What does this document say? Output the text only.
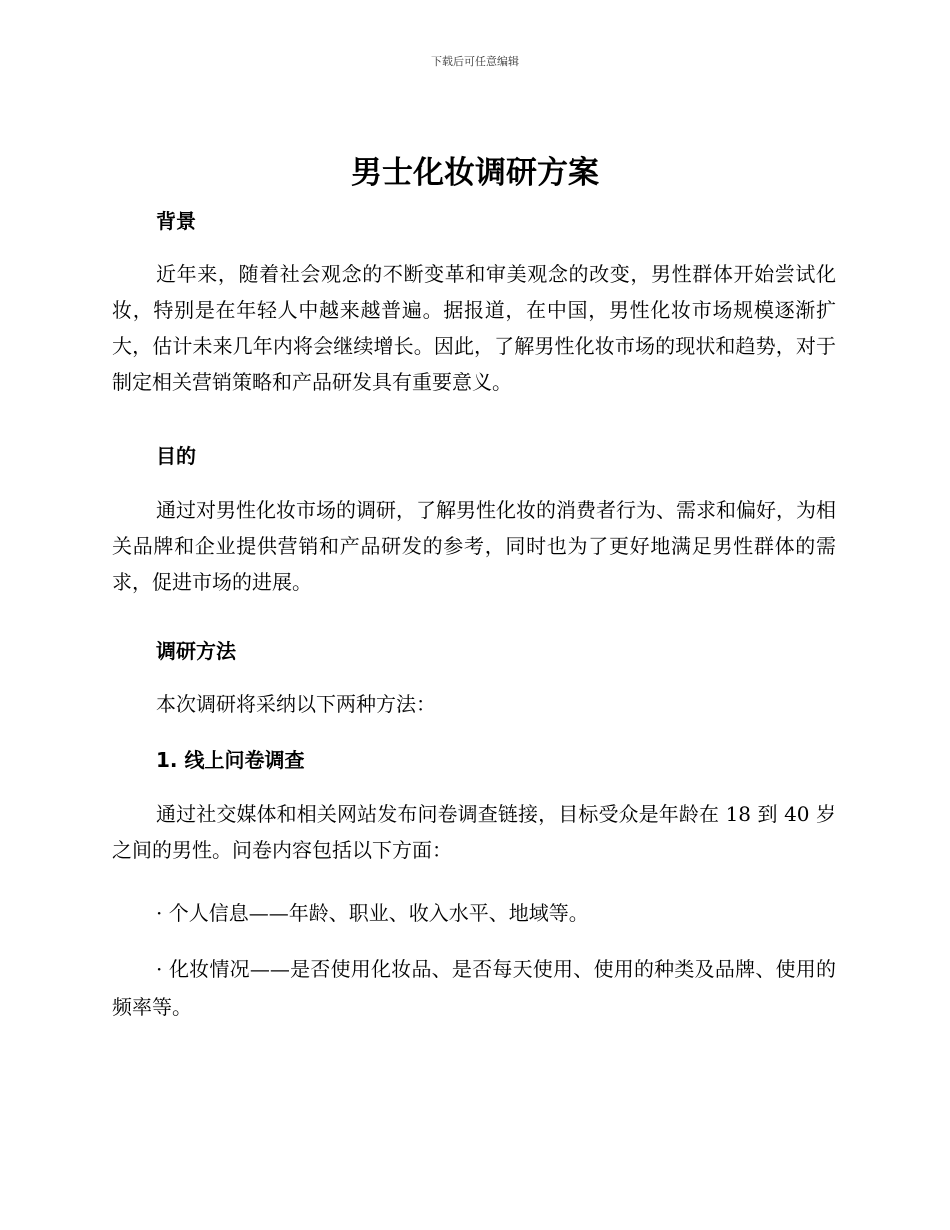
下载后可任意编辑
男士化妆调研方案
背景

近年来，随着社会观念的不断变革和审美观念的改变，男性群体开始尝试化妆，特别是在年轻人中越来越普遍。据报道，在中国，男性化妆市场规模逐渐扩大，估计未来几年内将会继续增长。因此，了解男性化妆市场的现状和趋势，对于制定相关营销策略和产品研发具有重要意义。

目的

通过对男性化妆市场的调研，了解男性化妆的消费者行为、需求和偏好，为相关品牌和企业提供营销和产品研发的参考，同时也为了更好地满足男性群体的需求，促进市场的进展。

调研方法

本次调研将采纳以下两种方法：

1. 线上问卷调查

通过社交媒体和相关网站发布问卷调查链接，目标受众是年龄在 18 到 40 岁之间的男性。问卷内容包括以下方面：

· 个人信息——年龄、职业、收入水平、地域等。

· 化妆情况——是否使用化妆品、是否每天使用、使用的种类及品牌、使用的频率等。
